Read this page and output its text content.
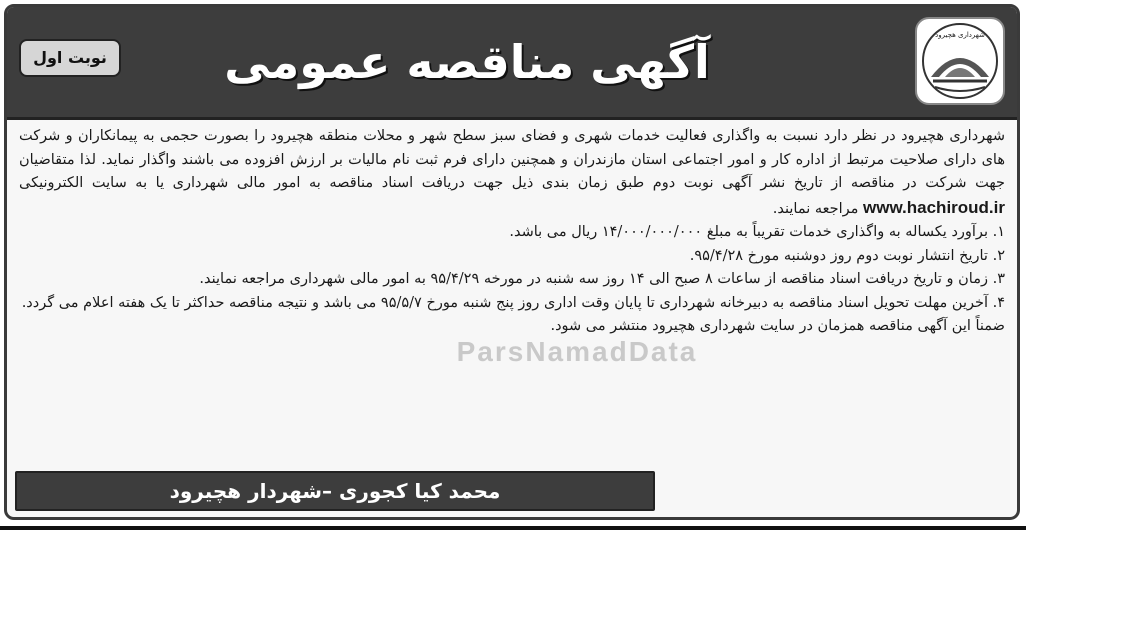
شهرداری هچیرود
آگهی مناقصه عمومی
نوبت اول
ParsNamadData

شهرداری هچیرود در نظر دارد نسبت به واگذاری فعالیت خدمات شهری و فضای سبز سطح شهر و محلات منطقه هچیرود را بصورت حجمی به پیمانکاران و شرکت های دارای صلاحیت مرتبط از اداره کار و امور اجتماعی استان مازندران و همچنین دارای فرم ثبت نام مالیات بر ارزش افزوده می باشند واگذار نماید. لذا متقاضیان جهت شرکت در مناقصه از تاریخ نشر آگهی نوبت دوم طبق زمان بندی ذیل جهت دریافت اسناد مناقصه به امور مالی شهرداری یا به سایت الکترونیکی www.hachiroud.ir مراجعه نمایند.

۱. برآورد یکساله به واگذاری خدمات تقریباً به مبلغ ۱۴/۰۰۰/۰۰۰/۰۰۰ ریال می باشد.

۲. تاریخ انتشار نوبت دوم روز دوشنبه مورخ ۹۵/۴/۲۸.

۳. زمان و تاریخ دریافت اسناد مناقصه از ساعات ۸ صبح الی ۱۴ روز سه شنبه در مورخه ۹۵/۴/۲۹ به امور مالی شهرداری مراجعه نمایند.

۴. آخرین مهلت تحویل اسناد مناقصه به دبیرخانه شهرداری تا پایان وقت اداری روز پنج شنبه مورخ ۹۵/۵/۷ می باشد و نتیجه مناقصه حداکثر تا یک هفته اعلام می گردد.

ضمناً این آگهی مناقصه همزمان در سایت شهرداری هچیرود منتشر می شود.

محمد کیا کجوری –شهردار هچیرود
